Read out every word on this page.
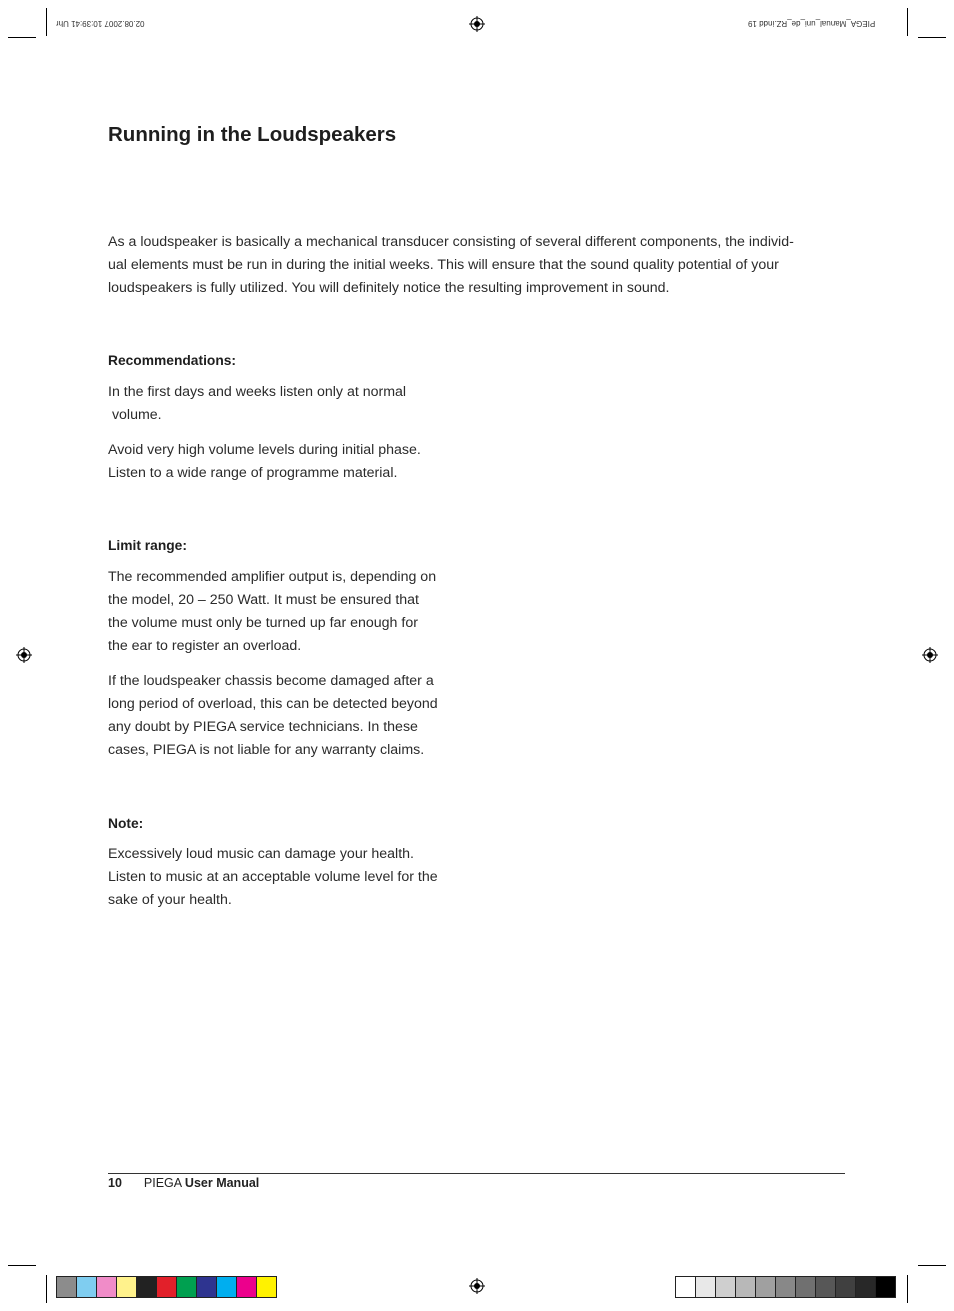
02.08.2007 10:39:41 Uhr	PIEGA_Manual_uni_de_RZ.indd 19
Running in the Loudspeakers
As a loudspeaker is basically a mechanical transducer consisting of several different components, the individ-
ual elements must be run in during the initial weeks. This will ensure that the sound quality potential of your
loudspeakers is fully utilized. You will definitely notice the resulting improvement in sound.

Recommendations:

In the first days and weeks listen only at normal
volume.
Avoid very high volume levels during initial phase.
Listen to a wide range of programme material.

Limit range:

The recommended amplifier output is, depending on
the model, 20 – 250 Watt. It must be ensured that
the volume must only be turned up far enough for
the ear to register an overload.
If the loudspeaker chassis become damaged after a
long period of overload, this can be detected beyond
any doubt by PIEGA service technicians. In these
cases, PIEGA is not liable for any warranty claims.

Note:

Excessively loud music can damage your health.
Listen to music at an acceptable volume level for the
sake of your health.
10 PIEGA User Manual
